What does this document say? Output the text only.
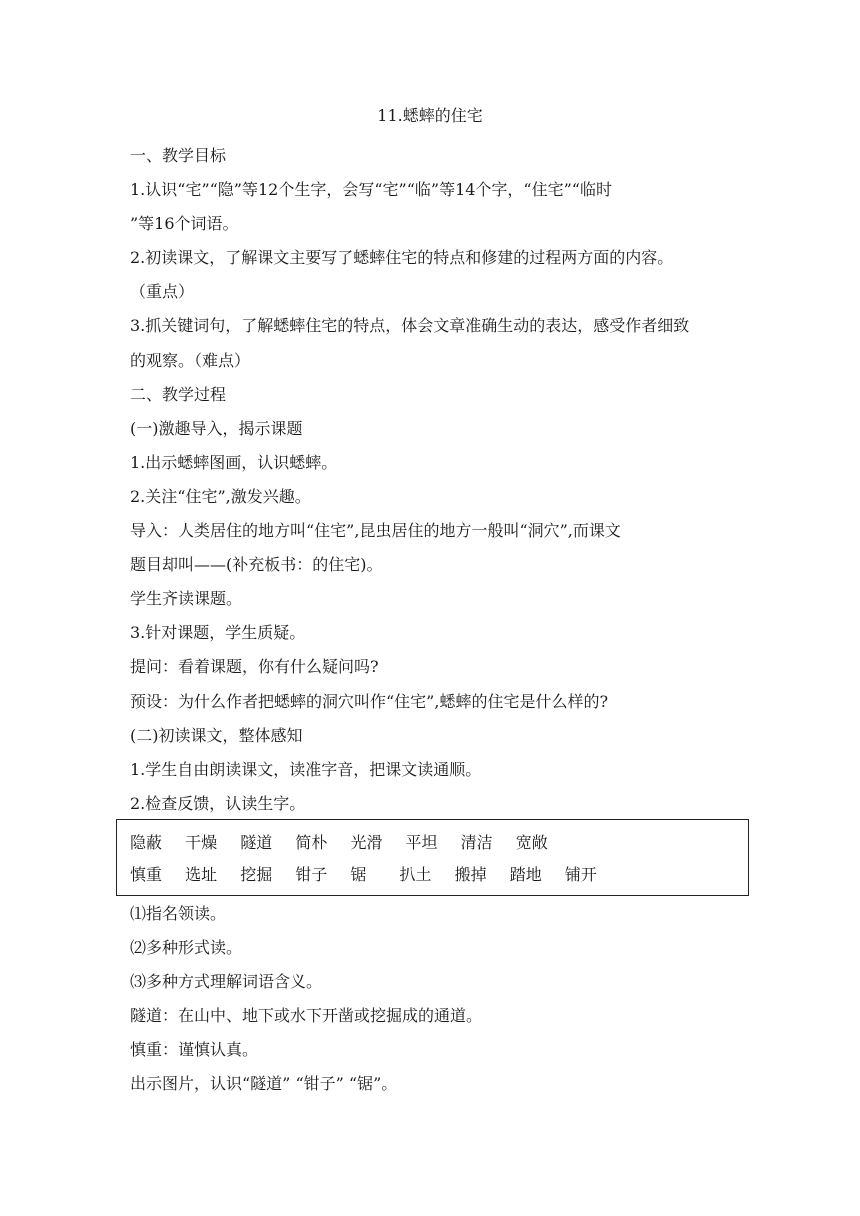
11.蟋蟀的住宅
一、教学目标
1.认识“宅”“隐”等12个生字，会写“宅”“临”等14个字，“住宅”“临时
”等16个词语。
2.初读课文，了解课文主要写了蟋蟀住宅的特点和修建的过程两方面的内容。
（重点）
3.抓关键词句，了解蟋蟀住宅的特点，体会文章准确生动的表达，感受作者细致
的观察。（难点）
二、教学过程
(一)激趣导入，揭示课题
1.出示蟋蟀图画，认识蟋蟀。
2.关注“住宅”,激发兴趣。
导入：人类居住的地方叫“住宅”,昆虫居住的地方一般叫“洞穴”,而课文
题目却叫——(补充板书：的住宅)。
学生齐读课题。
3.针对课题，学生质疑。
提问：看着课题，你有什么疑问吗?
预设：为什么作者把蟋蟀的洞穴叫作“住宅”,蟋蟀的住宅是什么样的?
(二)初读课文，整体感知
1.学生自由朗读课文，读准字音，把课文读通顺。
2.检查反馈，认读生字。
隐蔽 干燥 隧道 简朴 光滑 平坦 清洁 宽敞
慎重 选址 挖掘 钳子 锯 扒土 搬掉 踏地 铺开
⑴指名领读。
⑵多种形式读。
⑶多种方式理解词语含义。
隧道：在山中、地下或水下开凿或挖掘成的通道。
慎重：谨慎认真。
出示图片，认识“隧道” “钳子” “锯”。
